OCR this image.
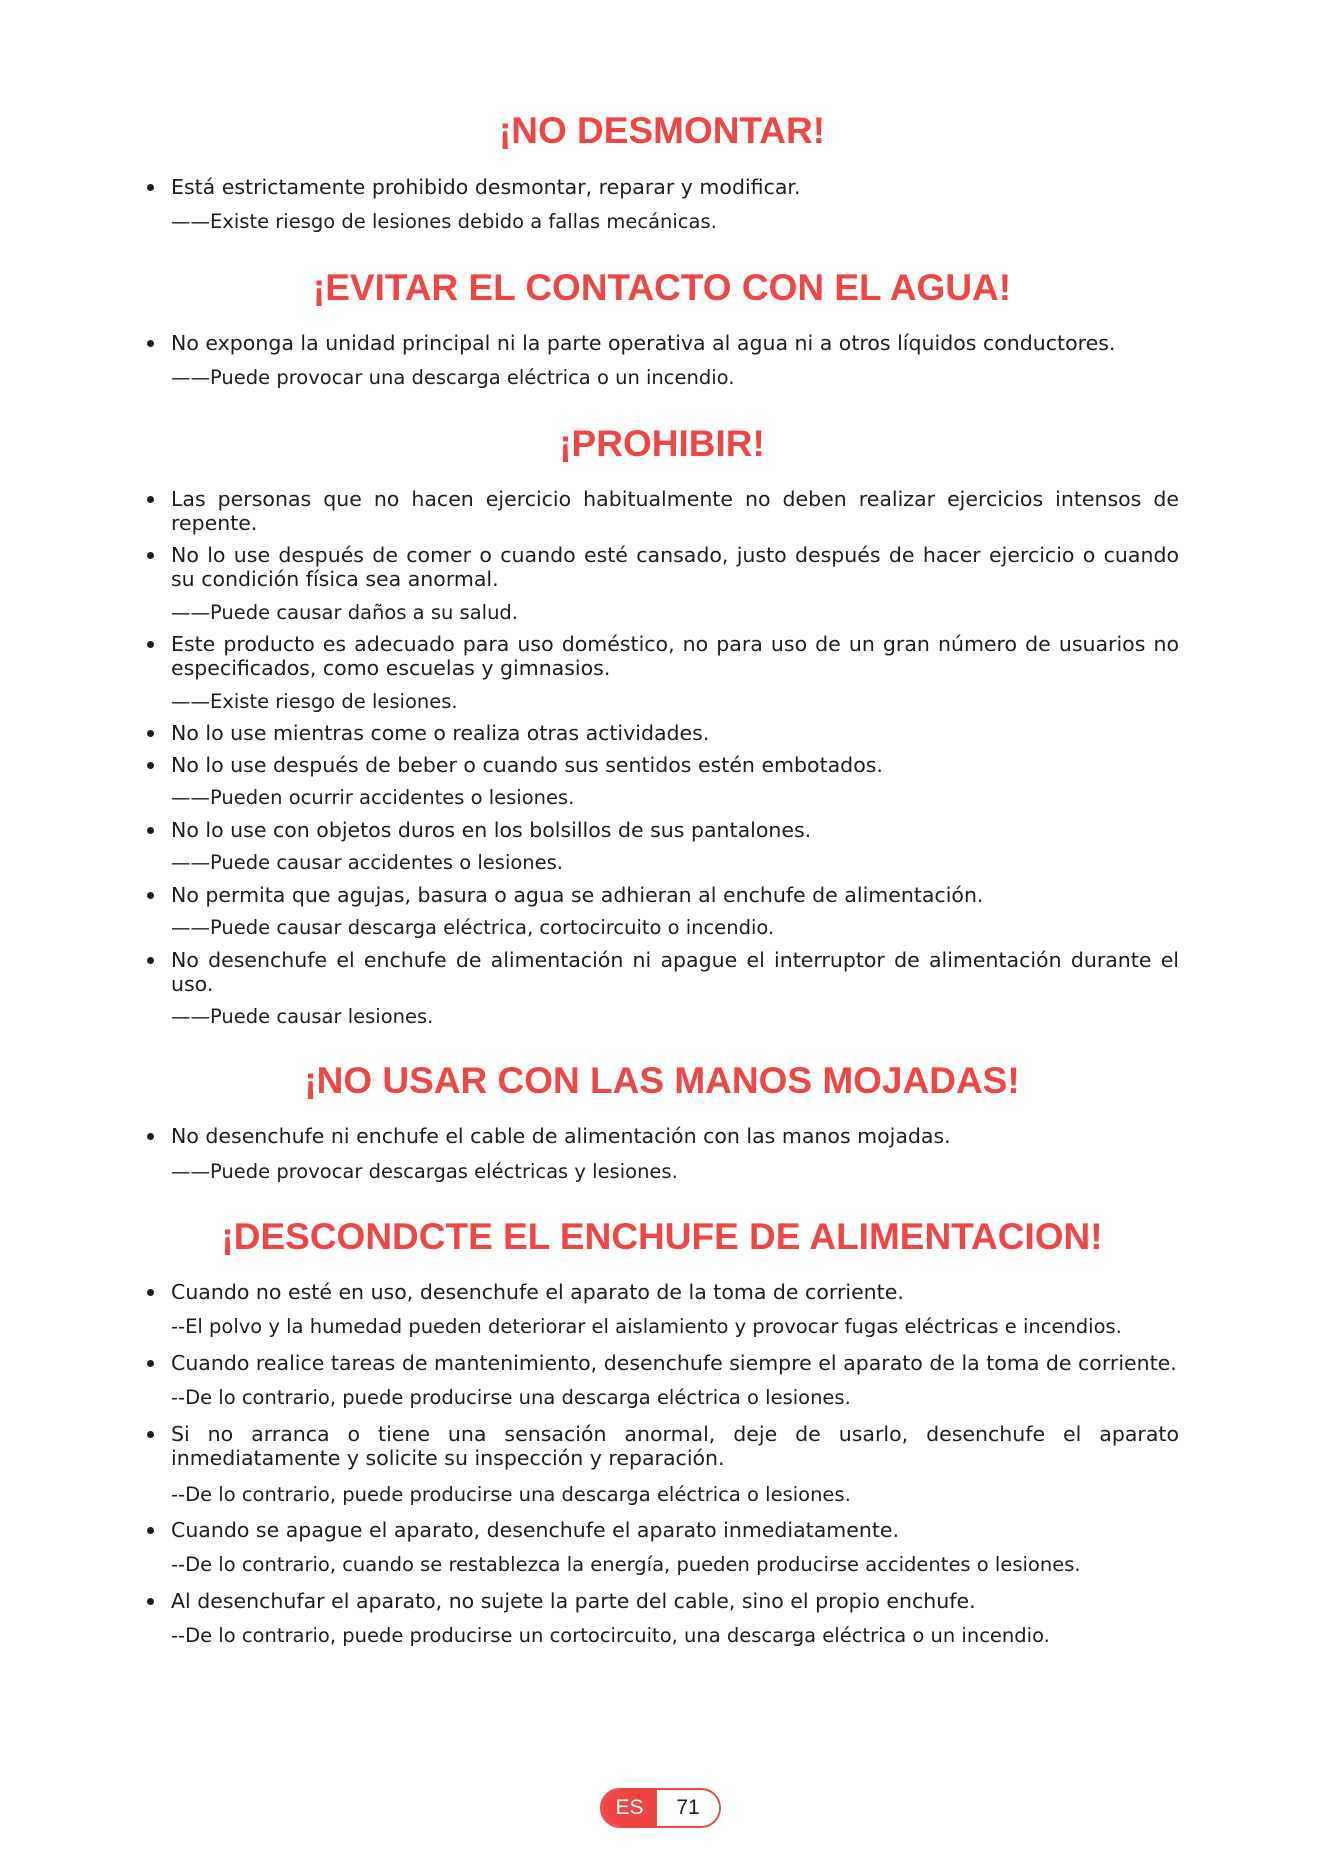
¡NO DESMONTAR!

Está estrictamente prohibido desmontar, reparar y modificar.

——Existe riesgo de lesiones debido a fallas mecánicas.

¡EVITAR EL CONTACTO CON EL AGUA!

No exponga la unidad principal ni la parte operativa al agua ni a otros líquidos conductores.

——Puede provocar una descarga eléctrica o un incendio.

¡PROHIBIR!

Las personas que no hacen ejercicio habitualmente no deben realizar ejercicios intensos de repente.

No lo use después de comer o cuando esté cansado, justo después de hacer ejercicio o cuando su condición física sea anormal.

——Puede causar daños a su salud.

Este producto es adecuado para uso doméstico, no para uso de un gran número de usuarios no especificados, como escuelas y gimnasios.

——Existe riesgo de lesiones.

No lo use mientras come o realiza otras actividades.

No lo use después de beber o cuando sus sentidos estén embotados.

——Pueden ocurrir accidentes o lesiones.

No lo use con objetos duros en los bolsillos de sus pantalones.

——Puede causar accidentes o lesiones.

No permita que agujas, basura o agua se adhieran al enchufe de alimentación.

——Puede causar descarga eléctrica, cortocircuito o incendio.

No desenchufe el enchufe de alimentación ni apague el interruptor de alimentación durante el uso.

——Puede causar lesiones.

¡NO USAR CON LAS MANOS MOJADAS!

No desenchufe ni enchufe el cable de alimentación con las manos mojadas.

——Puede provocar descargas eléctricas y lesiones.

¡DESCONDCTE EL ENCHUFE DE ALIMENTACION!

Cuando no esté en uso, desenchufe el aparato de la toma de corriente.

--El polvo y la humedad pueden deteriorar el aislamiento y provocar fugas eléctricas e incendios.

Cuando realice tareas de mantenimiento, desenchufe siempre el aparato de la toma de corriente.

--De lo contrario, puede producirse una descarga eléctrica o lesiones.

Si no arranca o tiene una sensación anormal, deje de usarlo, desenchufe el aparato inmediatamente y solicite su inspección y reparación.

--De lo contrario, puede producirse una descarga eléctrica o lesiones.

Cuando se apague el aparato, desenchufe el aparato inmediatamente.

--De lo contrario, cuando se restablezca la energía, pueden producirse accidentes o lesiones.

Al desenchufar el aparato, no sujete la parte del cable, sino el propio enchufe.

--De lo contrario, puede producirse un cortocircuito, una descarga eléctrica o un incendio.

ES	71
